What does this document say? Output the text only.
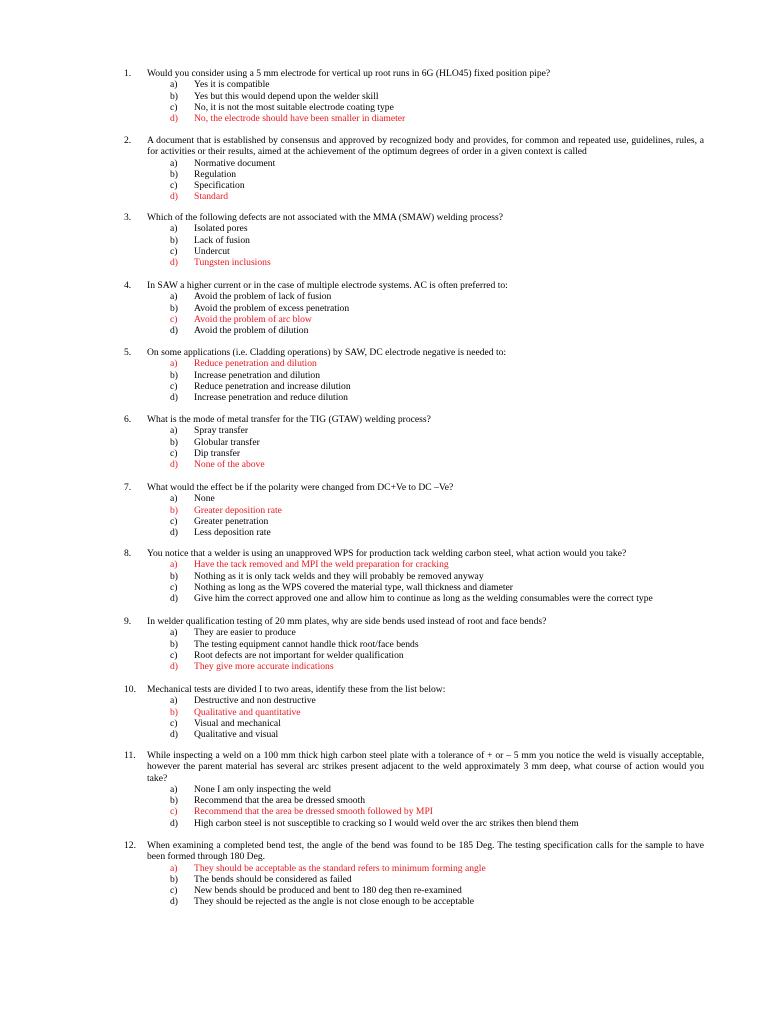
1. Would you consider using a 5 mm electrode for vertical up root runs in 6G (HLO45) fixed position pipe?
a) Yes it is compatible
b) Yes but this would depend upon the welder skill
c) No, it is not the most suitable electrode coating type
d) No, the electrode should have been smaller in diameter
2. A document that is established by consensus and approved by recognized body and provides, for common and repeated use, guidelines, rules, a for activities or their results, aimed at the achievement of the optimum degrees of order in a given context is called
a) Normative document
b) Regulation
c) Specification
d) Standard
3. Which of the following defects are not associated with the MMA (SMAW) welding process?
a) Isolated pores
b) Lack of fusion
c) Undercut
d) Tungsten inclusions
4. In SAW a higher current or in the case of multiple electrode systems. AC is often preferred to:
a) Avoid the problem of lack of fusion
b) Avoid the problem of excess penetration
c) Avoid the problem of arc blow
d) Avoid the problem of dilution
5. On some applications (i.e. Cladding operations) by SAW, DC electrode negative is needed to:
a) Reduce penetration and dilution
b) Increase penetration and dilution
c) Reduce penetration and increase dilution
d) Increase penetration and reduce dilution
6. What is the mode of metal transfer for the TIG (GTAW) welding process?
a) Spray transfer
b) Globular transfer
c) Dip transfer
d) None of the above
7. What would the effect be if the polarity were changed from DC+Ve to DC –Ve?
a) None
b) Greater deposition rate
c) Greater penetration
d) Less deposition rate
8. You notice that a welder is using an unapproved WPS for production tack welding carbon steel, what action would you take?
a) Have the tack removed and MPI the weld preparation for cracking
b) Nothing as it is only tack welds and they will probably be removed anyway
c) Nothing as long as the WPS covered the material type, wall thickness and diameter
d) Give him the correct approved one and allow him to continue as long as the welding consumables were the correct type
9. In welder qualification testing of 20 mm plates, why are side bends used instead of root and face bends?
a) They are easier to produce
b) The testing equipment cannot handle thick root/face bends
c) Root defects are not important for welder qualification
d) They give more accurate indications
10. Mechanical tests are divided I to two areas, identify these from the list below:
a) Destructive and non destructive
b) Qualitative and quantitative
c) Visual and mechanical
d) Qualitative and visual
11. While inspecting a weld on a 100 mm thick high carbon steel plate with a tolerance of + or – 5 mm you notice the weld is visually acceptable, however the parent material has several arc strikes present adjacent to the weld approximately 3 mm deep, what course of action would you take?
a) None I am only inspecting the weld
b) Recommend that the area be dressed smooth
c) Recommend that the area be dressed smooth followed by MPI
d) High carbon steel is not susceptible to cracking so I would weld over the arc strikes then blend them
12. When examining a completed bend test, the angle of the bend was found to be 185 Deg. The testing specification calls for the sample to have been formed through 180 Deg.
a) They should be acceptable as the standard refers to minimum forming angle
b) The bends should be considered as failed
c) New bends should be produced and bent to 180 deg then re-examined
d) They should be rejected as the angle is not close enough to be acceptable
